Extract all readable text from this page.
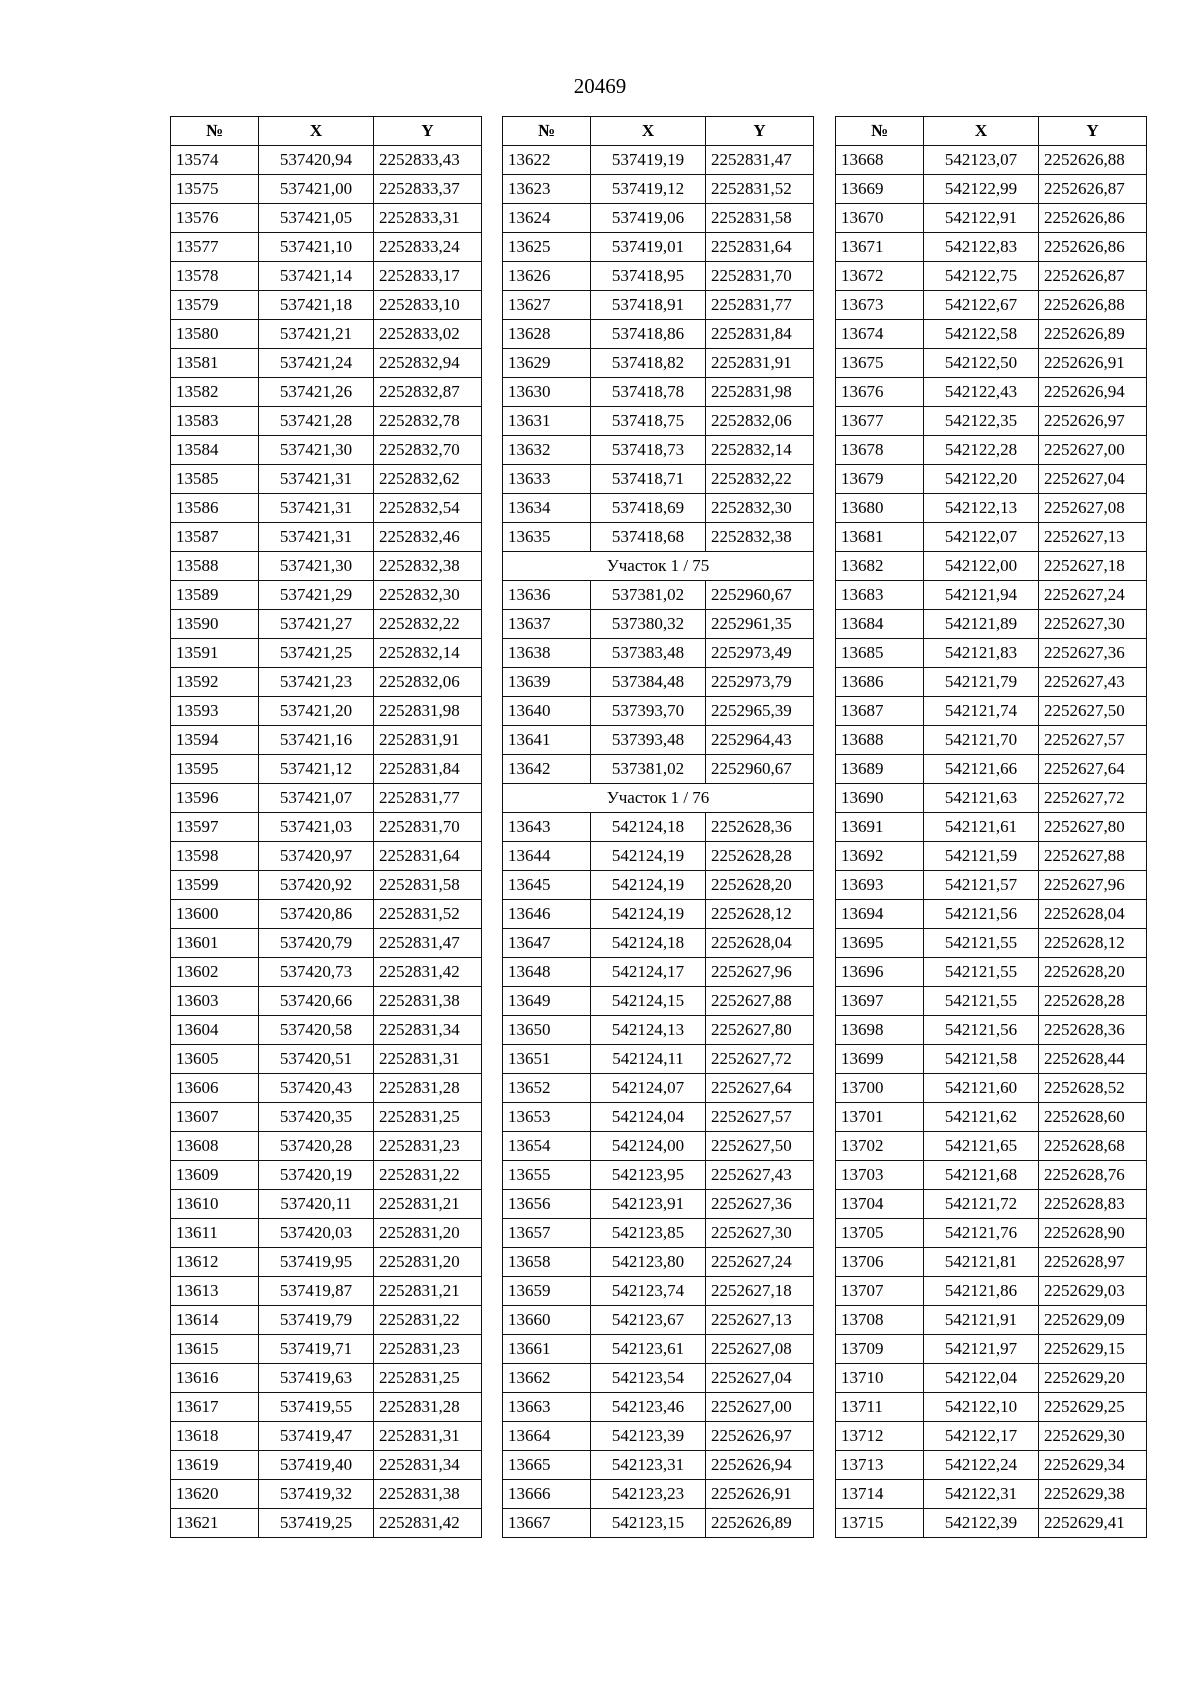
20469
№	X	Y
13574	537420,94	2252833,43
13575	537421,00	2252833,37
13576	537421,05	2252833,31
13577	537421,10	2252833,24
13578	537421,14	2252833,17
13579	537421,18	2252833,10
13580	537421,21	2252833,02
13581	537421,24	2252832,94
13582	537421,26	2252832,87
13583	537421,28	2252832,78
13584	537421,30	2252832,70
13585	537421,31	2252832,62
13586	537421,31	2252832,54
13587	537421,31	2252832,46
13588	537421,30	2252832,38
13589	537421,29	2252832,30
13590	537421,27	2252832,22
13591	537421,25	2252832,14
13592	537421,23	2252832,06
13593	537421,20	2252831,98
13594	537421,16	2252831,91
13595	537421,12	2252831,84
13596	537421,07	2252831,77
13597	537421,03	2252831,70
13598	537420,97	2252831,64
13599	537420,92	2252831,58
13600	537420,86	2252831,52
13601	537420,79	2252831,47
13602	537420,73	2252831,42
13603	537420,66	2252831,38
13604	537420,58	2252831,34
13605	537420,51	2252831,31
13606	537420,43	2252831,28
13607	537420,35	2252831,25
13608	537420,28	2252831,23
13609	537420,19	2252831,22
13610	537420,11	2252831,21
13611	537420,03	2252831,20
13612	537419,95	2252831,20
13613	537419,87	2252831,21
13614	537419,79	2252831,22
13615	537419,71	2252831,23
13616	537419,63	2252831,25
13617	537419,55	2252831,28
13618	537419,47	2252831,31
13619	537419,40	2252831,34
13620	537419,32	2252831,38
13621	537419,25	2252831,42
№	X	Y
13622	537419,19	2252831,47
13623	537419,12	2252831,52
13624	537419,06	2252831,58
13625	537419,01	2252831,64
13626	537418,95	2252831,70
13627	537418,91	2252831,77
13628	537418,86	2252831,84
13629	537418,82	2252831,91
13630	537418,78	2252831,98
13631	537418,75	2252832,06
13632	537418,73	2252832,14
13633	537418,71	2252832,22
13634	537418,69	2252832,30
13635	537418,68	2252832,38
Участок 1 / 75		
13636	537381,02	2252960,67
13637	537380,32	2252961,35
13638	537383,48	2252973,49
13639	537384,48	2252973,79
13640	537393,70	2252965,39
13641	537393,48	2252964,43
13642	537381,02	2252960,67
Участок 1 / 76		
13643	542124,18	2252628,36
13644	542124,19	2252628,28
13645	542124,19	2252628,20
13646	542124,19	2252628,12
13647	542124,18	2252628,04
13648	542124,17	2252627,96
13649	542124,15	2252627,88
13650	542124,13	2252627,80
13651	542124,11	2252627,72
13652	542124,07	2252627,64
13653	542124,04	2252627,57
13654	542124,00	2252627,50
13655	542123,95	2252627,43
13656	542123,91	2252627,36
13657	542123,85	2252627,30
13658	542123,80	2252627,24
13659	542123,74	2252627,18
13660	542123,67	2252627,13
13661	542123,61	2252627,08
13662	542123,54	2252627,04
13663	542123,46	2252627,00
13664	542123,39	2252626,97
13665	542123,31	2252626,94
13666	542123,23	2252626,91
13667	542123,15	2252626,89
№	X	Y
13668	542123,07	2252626,88
13669	542122,99	2252626,87
13670	542122,91	2252626,86
13671	542122,83	2252626,86
13672	542122,75	2252626,87
13673	542122,67	2252626,88
13674	542122,58	2252626,89
13675	542122,50	2252626,91
13676	542122,43	2252626,94
13677	542122,35	2252626,97
13678	542122,28	2252627,00
13679	542122,20	2252627,04
13680	542122,13	2252627,08
13681	542122,07	2252627,13
13682	542122,00	2252627,18
13683	542121,94	2252627,24
13684	542121,89	2252627,30
13685	542121,83	2252627,36
13686	542121,79	2252627,43
13687	542121,74	2252627,50
13688	542121,70	2252627,57
13689	542121,66	2252627,64
13690	542121,63	2252627,72
13691	542121,61	2252627,80
13692	542121,59	2252627,88
13693	542121,57	2252627,96
13694	542121,56	2252628,04
13695	542121,55	2252628,12
13696	542121,55	2252628,20
13697	542121,55	2252628,28
13698	542121,56	2252628,36
13699	542121,58	2252628,44
13700	542121,60	2252628,52
13701	542121,62	2252628,60
13702	542121,65	2252628,68
13703	542121,68	2252628,76
13704	542121,72	2252628,83
13705	542121,76	2252628,90
13706	542121,81	2252628,97
13707	542121,86	2252629,03
13708	542121,91	2252629,09
13709	542121,97	2252629,15
13710	542122,04	2252629,20
13711	542122,10	2252629,25
13712	542122,17	2252629,30
13713	542122,24	2252629,34
13714	542122,31	2252629,38
13715	542122,39	2252629,41
